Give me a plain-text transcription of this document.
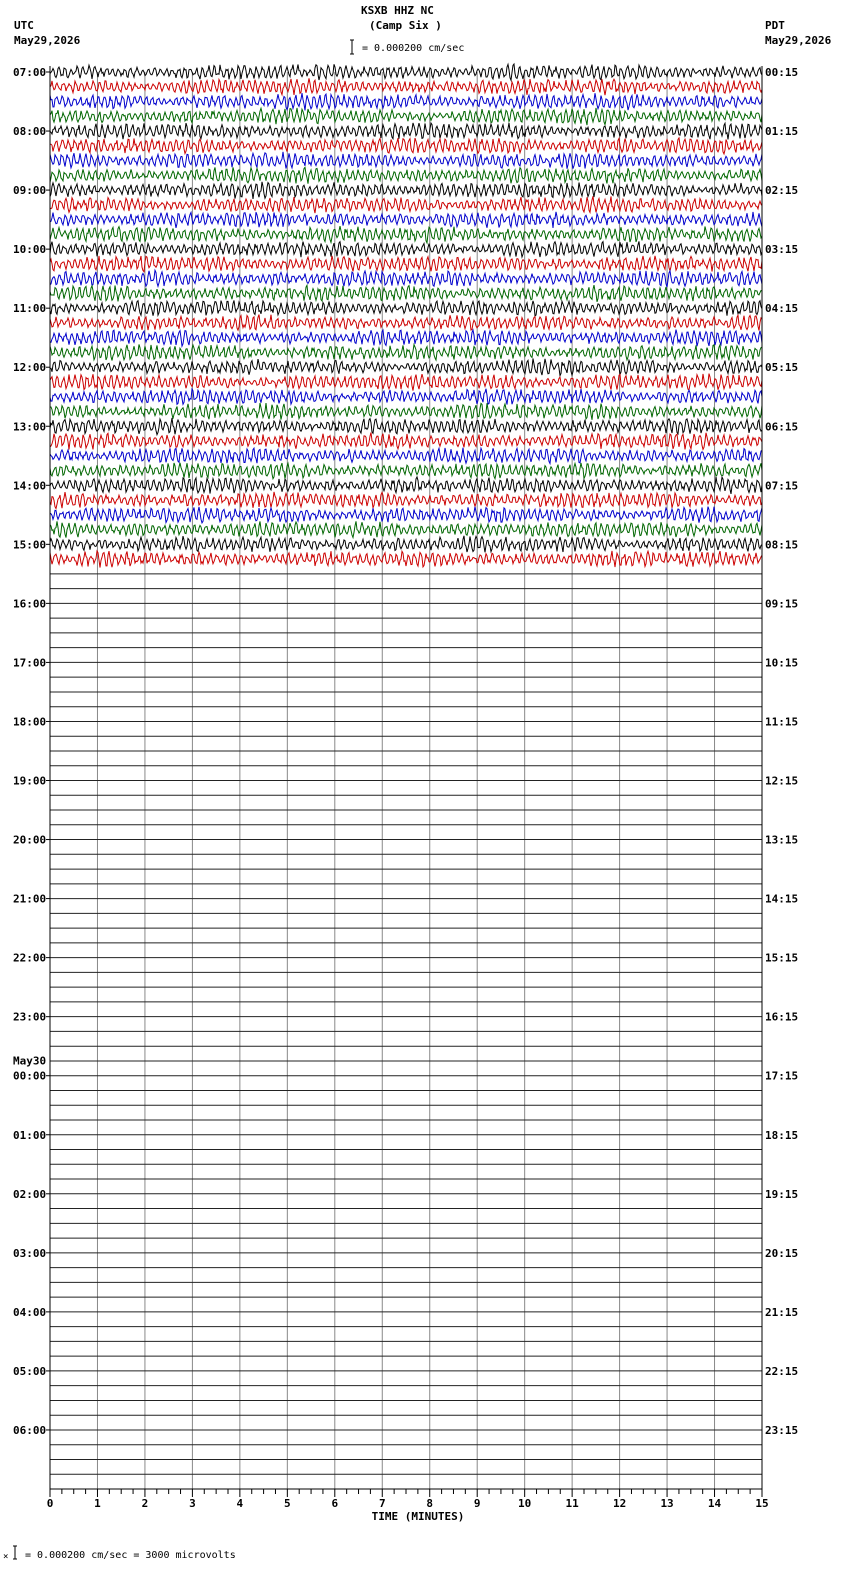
UTC
May29,2026
KSXB HHZ NC
(Camp Six )
= 0.000200 cm/sec
PDT
May29,2026
= 0.000200 cm/sec = 3000 microvolts
07:00	00:15
08:00	01:15
09:00	02:15
10:00	03:15
11:00	04:15
12:00	05:15
13:00	06:15
14:00	07:15
15:00	08:15
16:00	09:15
17:00	10:15
18:00	11:15
19:00	12:15
20:00	13:15
21:00	14:15
22:00	15:15
23:00	16:15
00:00	17:15
May30
01:00	18:15
02:00	19:15
03:00	20:15
04:00	21:15
05:00	22:15
06:00	23:15
0	1	2	3	4	5	6	7	8	9	10	11	12	13	14	15
TIME (MINUTES)
×
